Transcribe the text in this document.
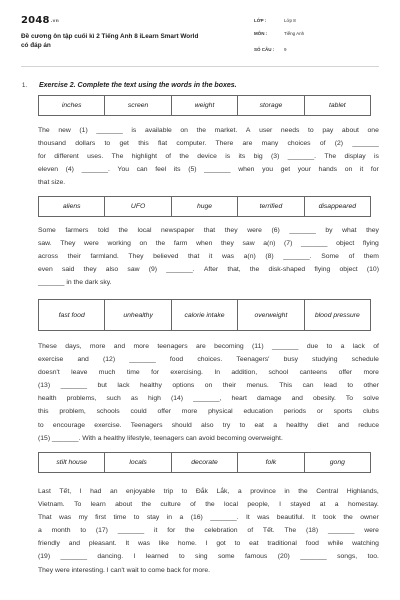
2048.vn
Đề cương ôn tập cuối kì 2 Tiếng Anh 8 iLearn Smart World
có đáp án
LỚP :	Lớp 8
MÔN :	Tiếng Anh
SỐ CÂU : 9
1. Exercise 2. Complete the text using the words in the boxes.
inches	screen	weight	storage	tablet
The new (1) _______ is available on the market. A user needs to pay about one
thousand dollars to get this flat computer. There are many choices of (2) _______
for different uses. The highlight of the device is its big (3) _______. The display is
eleven (4) _______. You can feel its (5) _______ when you get your hands on it for
that size.
aliens	UFO	huge	terrified	disappeared
Some farmers told the local newspaper that they were (6) _______ by what they
saw. They were working on the farm when they saw a(n) (7) _______ object flying
across their farmland. They believed that it was a(n) (8) _______. Some of them
even said they also saw (9) _______. After that, the disk-shaped flying object (10)
_______ in the dark sky.
fast food	unhealthy	calorie intake	overweight	blood pressure
These days, more and more teenagers are becoming (11) _______ due to a lack of
exercise and (12) _______ food choices. Teenagers' busy studying schedule
doesn't leave much time for exercising. In addition, school canteens offer more
(13) _______ but lack healthy options on their menus. This can lead to other
health problems, such as high (14) _______, heart damage and obesity. To solve
this problem, schools could offer more physical education periods or sports clubs
to encourage exercise. Teenagers should also try to eat a healthy diet and reduce
(15) _______. With a healthy lifestyle, teenagers can avoid becoming overweight.
stilt house	locals	decorate	folk	gong
Last Tết, I had an enjoyable trip to Đắk Lắk, a province in the Central Highlands,
Vietnam. To learn about the culture of the local people, I stayed at a homestay.
That was my first time to stay in a (16) _______. It was beautiful. It took the owner
a month to (17) _______ it for the celebration of Tết. The (18) _______ were
friendly and pleasant. It was like home. I got to eat traditional food while watching
(19) _______ dancing. I learned to sing some famous (20) _______ songs, too.
They were interesting. I can't wait to come back for more.
